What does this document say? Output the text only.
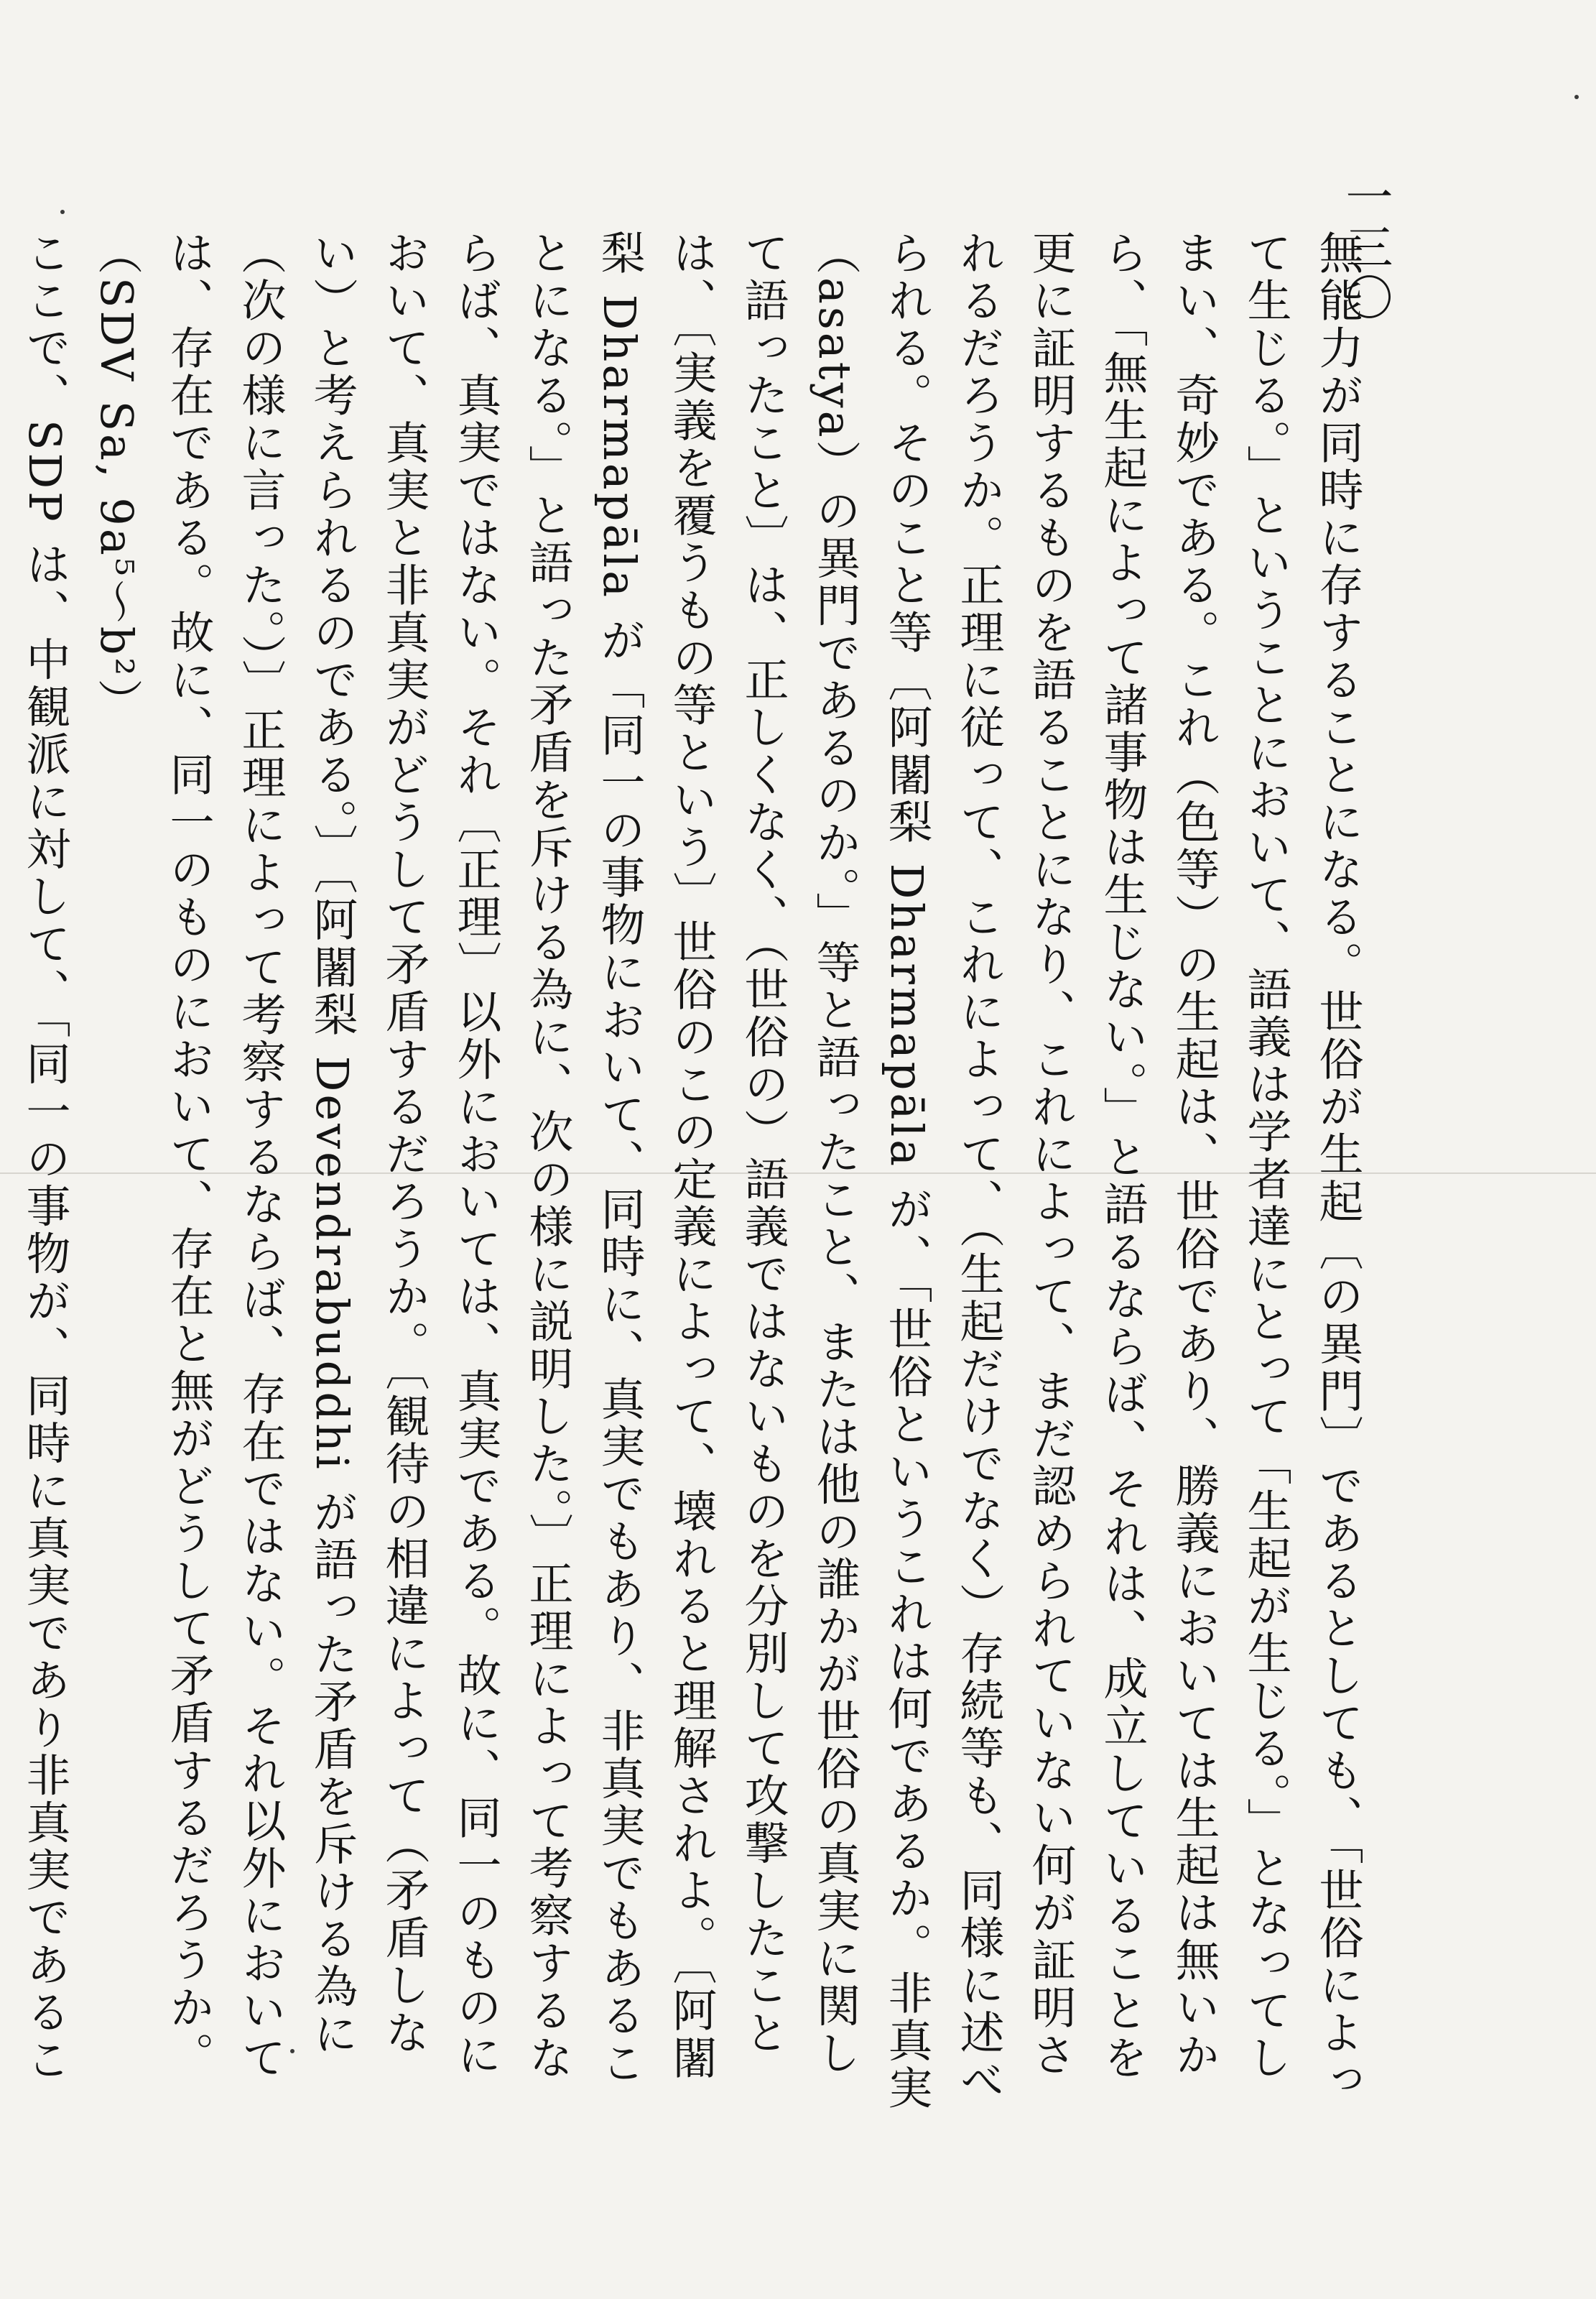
一三〇

無能力が同時に存することになる。世俗が生起〔の異門〕であるとしても、「世俗によって生じる。」ということにおいて、語義は学者達にとって「生起が生じる。」となってしまい、奇妙である。これ（色等）の生起は、世俗であり、勝義においては生起は無いから、「無生起によって諸事物は生じない。」と語るならば、それは、成立していることを更に証明するものを語ることになり、これによって、まだ認められていない何が証明されるだろうか。正理に従って、これによって、（生起だけでなく）存続等も、同様に述べられる。そのこと等〔阿闍梨 Dharmapāla が、「世俗というこれは何であるか。非真実（asatya）の異門であるのか。」等と語ったこと、または他の誰かが世俗の真実に関して語ったこと〕は、正しくなく、（世俗の）語義ではないものを分別して攻撃したことは、〔実義を覆うもの等という〕世俗のこの定義によって、壊れると理解されよ。〔阿闍梨 Dharmapāla が「同一の事物において、同時に、真実でもあり、非真実でもあることになる。」と語った矛盾を斥ける為に、次の様に説明した。〕正理によって考察するならば、真実ではない。それ〔正理〕以外においては、真実である。故に、同一のものにおいて、真実と非真実がどうして矛盾するだろうか。〔観待の相違によって（矛盾しない）と考えられるのである。〕〔阿闍梨 Devendrabuddhi が語った矛盾を斥ける為に（次の様に言った。）〕正理によって考察するならば、存在ではない。それ以外においては、存在である。故に、同一のものにおいて、存在と無がどうして矛盾するだろうか。（SDV Sa, 9a⁵〜b²）

ここで、SDP は、中観派に対して、「同一の事物が、同時に真実であり非真実であるこ
